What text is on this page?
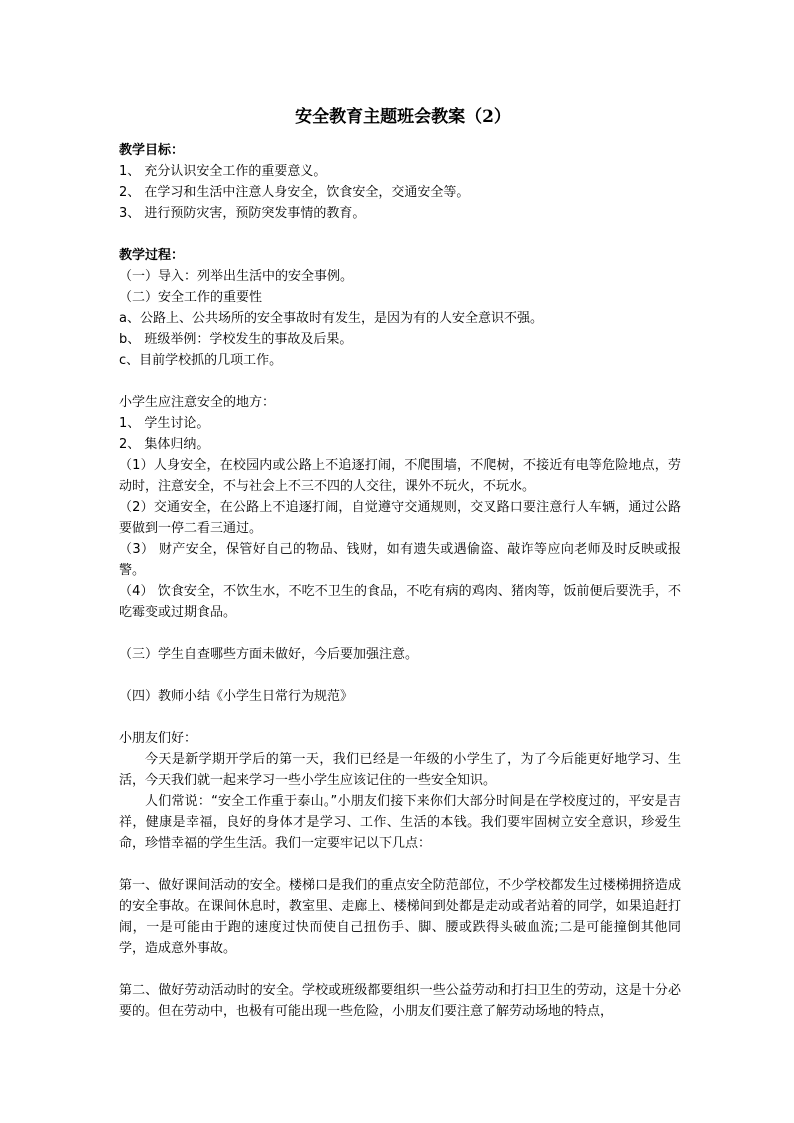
安全教育主题班会教案（2）

教学目标：

1、 充分认识安全工作的重要意义。

2、 在学习和生活中注意人身安全，饮食安全，交通安全等。

3、 进行预防灾害，预防突发事情的教育。

教学过程：

（一）导入：列举出生活中的安全事例。

（二）安全工作的重要性

a、公路上、公共场所的安全事故时有发生，是因为有的人安全意识不强。

b、 班级举例：学校发生的事故及后果。

c、目前学校抓的几项工作。

小学生应注意安全的地方：

1、 学生讨论。

2、 集体归纳。

（1）人身安全，在校园内或公路上不追逐打闹，不爬围墙，不爬树，不接近有电等危险地点，劳动时，注意安全，不与社会上不三不四的人交往，课外不玩火，不玩水。

（2）交通安全，在公路上不追逐打闹，自觉遵守交通规则，交叉路口要注意行人车辆，通过公路要做到一停二看三通过。

（3） 财产安全，保管好自己的物品、钱财，如有遗失或遇偷盗、敲诈等应向老师及时反映或报警。

（4） 饮食安全，不饮生水，不吃不卫生的食品，不吃有病的鸡肉、猪肉等，饭前便后要洗手，不吃霉变或过期食品。

（三）学生自查哪些方面未做好，今后要加强注意。

（四）教师小结《小学生日常行为规范》

小朋友们好：

今天是新学期开学后的第一天，我们已经是一年级的小学生了，为了今后能更好地学习、生活，今天我们就一起来学习一些小学生应该记住的一些安全知识。

人们常说：“安全工作重于泰山。”小朋友们接下来你们大部分时间是在学校度过的，平安是吉祥，健康是幸福，良好的身体才是学习、工作、生活的本钱。我们要牢固树立安全意识，珍爱生命，珍惜幸福的学生生活。我们一定要牢记以下几点：

第一、做好课间活动的安全。楼梯口是我们的重点安全防范部位，不少学校都发生过楼梯拥挤造成的安全事故。在课间休息时，教室里、走廊上、楼梯间到处都是走动或者站着的同学，如果追赶打闹，一是可能由于跑的速度过快而使自己扭伤手、脚、腰或跌得头破血流;二是可能撞倒其他同学，造成意外事故。

第二、做好劳动活动时的安全。学校或班级都要组织一些公益劳动和打扫卫生的劳动，这是十分必要的。但在劳动中，也极有可能出现一些危险，小朋友们要注意了解劳动场地的特点，
